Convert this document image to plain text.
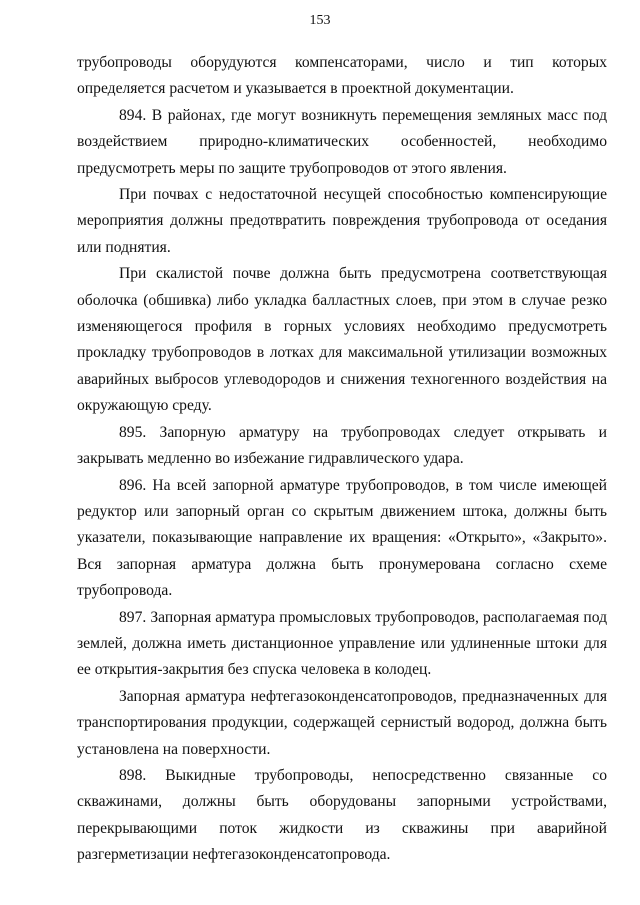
153

трубопроводы оборудуются компенсаторами, число и тип которых определяется расчетом и указывается в проектной документации.

894. В районах, где могут возникнуть перемещения земляных масс под воздействием природно-климатических особенностей, необходимо предусмотреть меры по защите трубопроводов от этого явления.

При почвах с недостаточной несущей способностью компенсирующие мероприятия должны предотвратить повреждения трубопровода от оседания или поднятия.

При скалистой почве должна быть предусмотрена соответствующая оболочка (обшивка) либо укладка балластных слоев, при этом в случае резко изменяющегося профиля в горных условиях необходимо предусмотреть прокладку трубопроводов в лотках для максимальной утилизации возможных аварийных выбросов углеводородов и снижения техногенного воздействия на окружающую среду.

895. Запорную арматуру на трубопроводах следует открывать и закрывать медленно во избежание гидравлического удара.

896. На всей запорной арматуре трубопроводов, в том числе имеющей редуктор или запорный орган со скрытым движением штока, должны быть указатели, показывающие направление их вращения: «Открыто», «Закрыто». Вся запорная арматура должна быть пронумерована согласно схеме трубопровода.

897. Запорная арматура промысловых трубопроводов, располагаемая под землей, должна иметь дистанционное управление или удлиненные штоки для ее открытия-закрытия без спуска человека в колодец.

Запорная арматура нефтегазоконденсатопроводов, предназначенных для транспортирования продукции, содержащей сернистый водород, должна быть установлена на поверхности.

898. Выкидные трубопроводы, непосредственно связанные со скважинами, должны быть оборудованы запорными устройствами, перекрывающими поток жидкости из скважины при аварийной разгерметизации нефтегазоконденсатопровода.
